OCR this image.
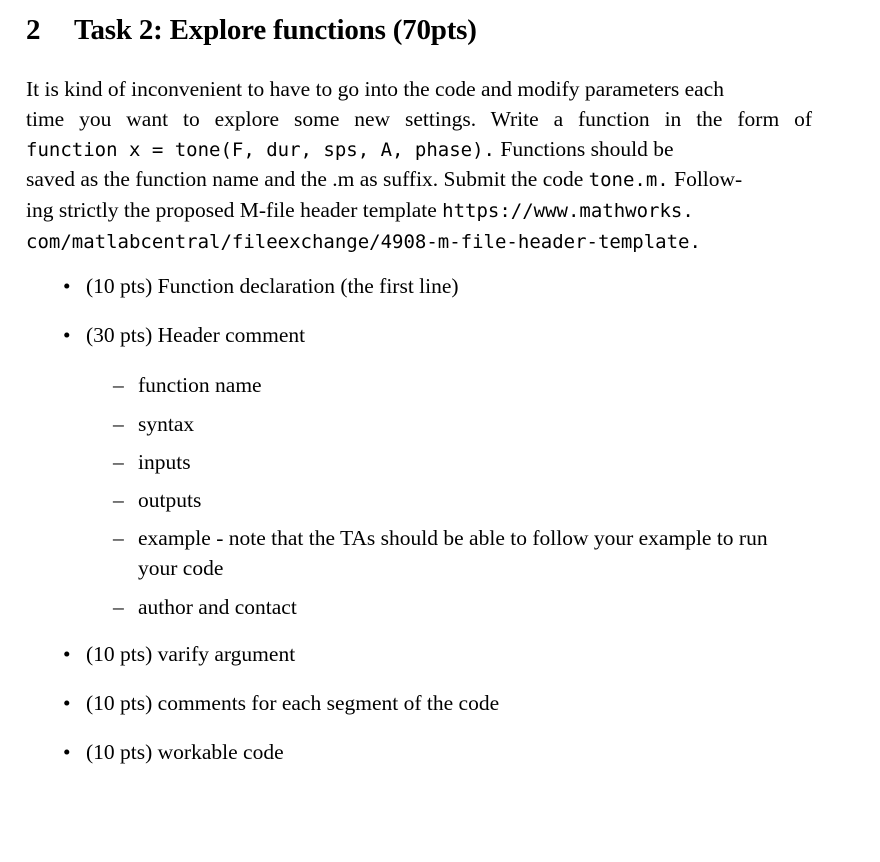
2 Task 2: Explore functions (70pts)
It is kind of inconvenient to have to go into the code and modify parameters each
time you want to explore some new settings. Write a function in the form of
function x = tone(F, dur, sps, A, phase). Functions should be
saved as the function name and the .m as suffix. Submit the code tone.m. Follow-
ing strictly the proposed M-file header template https://www.mathworks.
com/matlabcentral/fileexchange/4908-m-file-header-template.
• (10 pts) Function declaration (the first line)
• (30 pts) Header comment
– function name
– syntax
– inputs
– outputs
– example - note that the TAs should be able to follow your example to run your code
– author and contact
• (10 pts) varify argument
• (10 pts) comments for each segment of the code
• (10 pts) workable code
